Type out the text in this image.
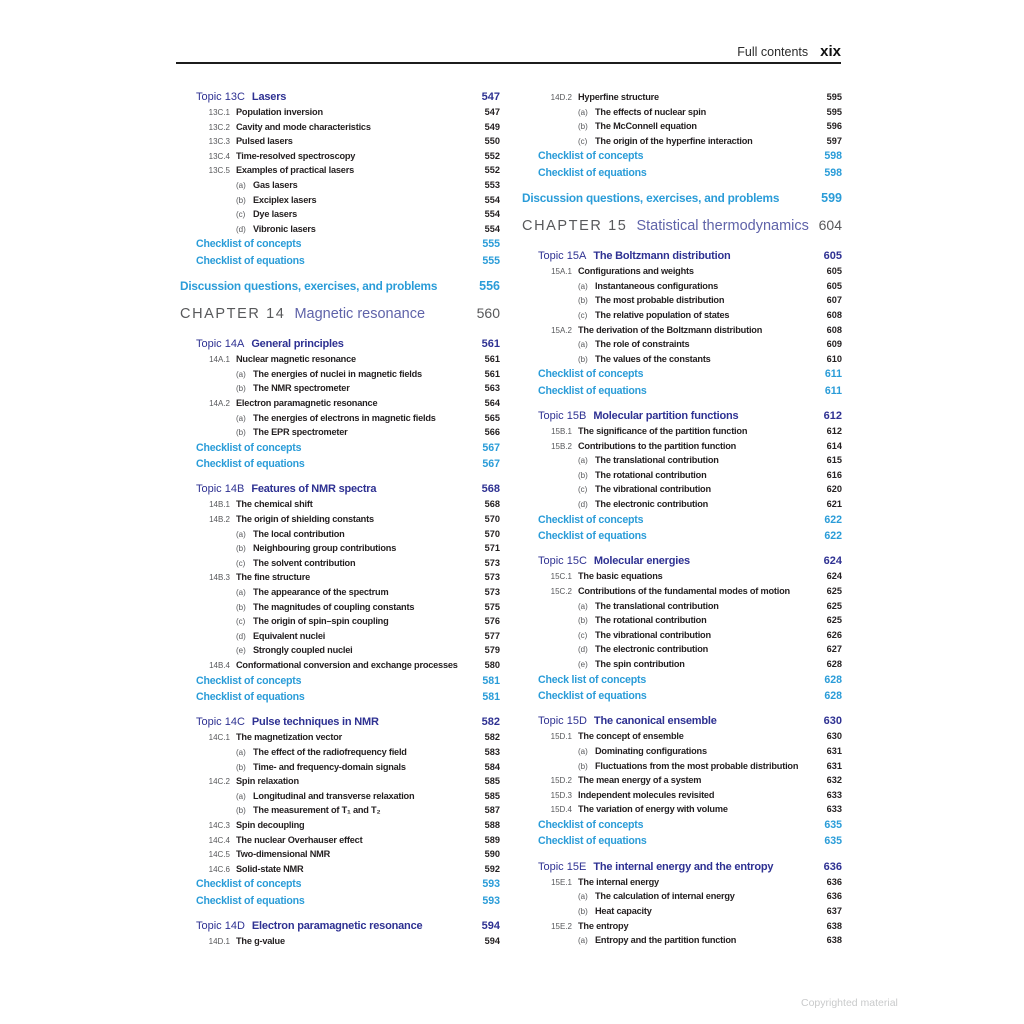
Full contents xix
Topic 13C Lasers	547
13C.1 Population inversion	547
13C.2 Cavity and mode characteristics	549
13C.3 Pulsed lasers	550
13C.4 Time-resolved spectroscopy	552
13C.5 Examples of practical lasers	552
(a) Gas lasers	553
(b) Exciplex lasers	554
(c) Dye lasers	554
(d) Vibronic lasers	554
Checklist of concepts	555
Checklist of equations	555
Discussion questions, exercises, and problems	556
CHAPTER 14 Magnetic resonance	560
Topic 14A General principles	561
14A.1 Nuclear magnetic resonance	561
(a) The energies of nuclei in magnetic fields	561
(b) The NMR spectrometer	563
14A.2 Electron paramagnetic resonance	564
(a) The energies of electrons in magnetic fields	565
(b) The EPR spectrometer	566
Checklist of concepts	567
Checklist of equations	567
Topic 14B Features of NMR spectra	568
14B.1 The chemical shift	568
14B.2 The origin of shielding constants	570
(a) The local contribution	570
(b) Neighbouring group contributions	571
(c) The solvent contribution	573
14B.3 The fine structure	573
(a) The appearance of the spectrum	573
(b) The magnitudes of coupling constants	575
(c) The origin of spin–spin coupling	576
(d) Equivalent nuclei	577
(e) Strongly coupled nuclei	579
14B.4 Conformational conversion and exchange processes	580
Checklist of concepts	581
Checklist of equations	581
Topic 14C Pulse techniques in NMR	582
14C.1 The magnetization vector	582
(a) The effect of the radiofrequency field	583
(b) Time- and frequency-domain signals	584
14C.2 Spin relaxation	585
(a) Longitudinal and transverse relaxation	585
(b) The measurement of T₁ and T₂	587
14C.3 Spin decoupling	588
14C.4 The nuclear Overhauser effect	589
14C.5 Two-dimensional NMR	590
14C.6 Solid-state NMR	592
Checklist of concepts	593
Checklist of equations	593
Topic 14D Electron paramagnetic resonance	594
14D.1 The g-value	594
14D.2 Hyperfine structure	595
(a) The effects of nuclear spin	595
(b) The McConnell equation	596
(c) The origin of the hyperfine interaction	597
Checklist of concepts	598
Checklist of equations	598
Discussion questions, exercises, and problems	599
CHAPTER 15 Statistical thermodynamics 604
Topic 15A The Boltzmann distribution	605
15A.1 Configurations and weights	605
(a) Instantaneous configurations	605
(b) The most probable distribution	607
(c) The relative population of states	608
15A.2 The derivation of the Boltzmann distribution	608
(a) The role of constraints	609
(b) The values of the constants	610
Checklist of concepts	611
Checklist of equations	611
Topic 15B Molecular partition functions	612
15B.1 The significance of the partition function	612
15B.2 Contributions to the partition function	614
(a) The translational contribution	615
(b) The rotational contribution	616
(c) The vibrational contribution	620
(d) The electronic contribution	621
Checklist of concepts	622
Checklist of equations	622
Topic 15C Molecular energies	624
15C.1 The basic equations	624
15C.2 Contributions of the fundamental modes of motion	625
(a) The translational contribution	625
(b) The rotational contribution	625
(c) The vibrational contribution	626
(d) The electronic contribution	627
(e) The spin contribution	628
Check list of concepts	628
Checklist of equations	628
Topic 15D The canonical ensemble	630
15D.1 The concept of ensemble	630
(a) Dominating configurations	631
(b) Fluctuations from the most probable distribution	631
15D.2 The mean energy of a system	632
15D.3 Independent molecules revisited	633
15D.4 The variation of energy with volume	633
Checklist of concepts	635
Checklist of equations	635
Topic 15E The internal energy and the entropy	636
15E.1 The internal energy	636
(a) The calculation of internal energy	636
(b) Heat capacity	637
15E.2 The entropy	638
(a) Entropy and the partition function	638
Copyrighted material
